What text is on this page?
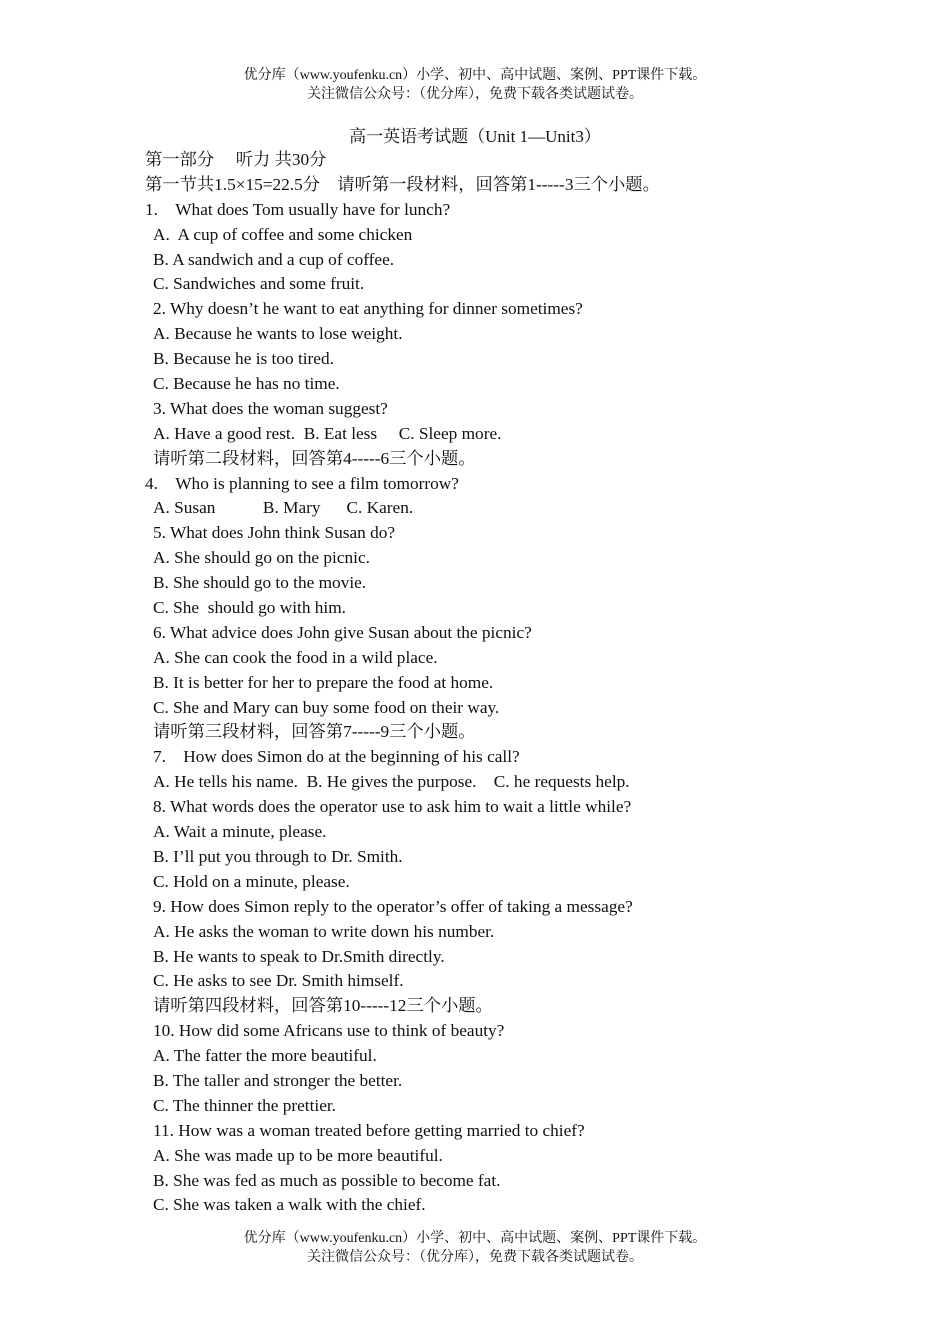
优分库（www.youfenku.cn）小学、初中、高中试题、案例、PPT课件下载。
关注微信公众号：（优分库），免费下载各类试题试卷。
高一英语考试题（Unit 1—Unit3）
第一部分　 听力 共30分
第一节共1.5×15=22.5分　请听第一段材料，回答第1-----3三个小题。
1.　What does Tom usually have for lunch?
A.  A cup of coffee and some chicken
B. A sandwich and a cup of coffee.
C. Sandwiches and some fruit.
2. Why doesn’t he want to eat anything for dinner sometimes?
A. Because he wants to lose weight.
B. Because he is too tired.
C. Because he has no time.
3. What does the woman suggest?
A. Have a good rest.  B. Eat less     C. Sleep more.
请听第二段材料，回答第4-----6三个小题。
4.　Who is planning to see a film tomorrow?
A. Susan           B. Mary      C. Karen.
5. What does John think Susan do?
A. She should go on the picnic.
B. She should go to the movie.
C. She  should go with him.
6. What advice does John give Susan about the picnic?
A. She can cook the food in a wild place.
B. It is better for her to prepare the food at home.
C. She and Mary can buy some food on their way.
请听第三段材料，回答第7-----9三个小题。
7.　How does Simon do at the beginning of his call?
A. He tells his name.  B. He gives the purpose.    C. he requests help.
8. What words does the operator use to ask him to wait a little while?
A. Wait a minute, please.
B. I’ll put you through to Dr. Smith.
C. Hold on a minute, please.
9. How does Simon reply to the operator’s offer of taking a message?
A. He asks the woman to write down his number.
B. He wants to speak to Dr.Smith directly.
C. He asks to see Dr. Smith himself.
请听第四段材料，回答第10-----12三个小题。
10. How did some Africans use to think of beauty?
A. The fatter the more beautiful.
B. The taller and stronger the better.
C. The thinner the prettier.
11. How was a woman treated before getting married to chief?
A. She was made up to be more beautiful.
B. She was fed as much as possible to become fat.
C. She was taken a walk with the chief.
优分库（www.youfenku.cn）小学、初中、高中试题、案例、PPT课件下载。
关注微信公众号：（优分库），免费下载各类试题试卷。
